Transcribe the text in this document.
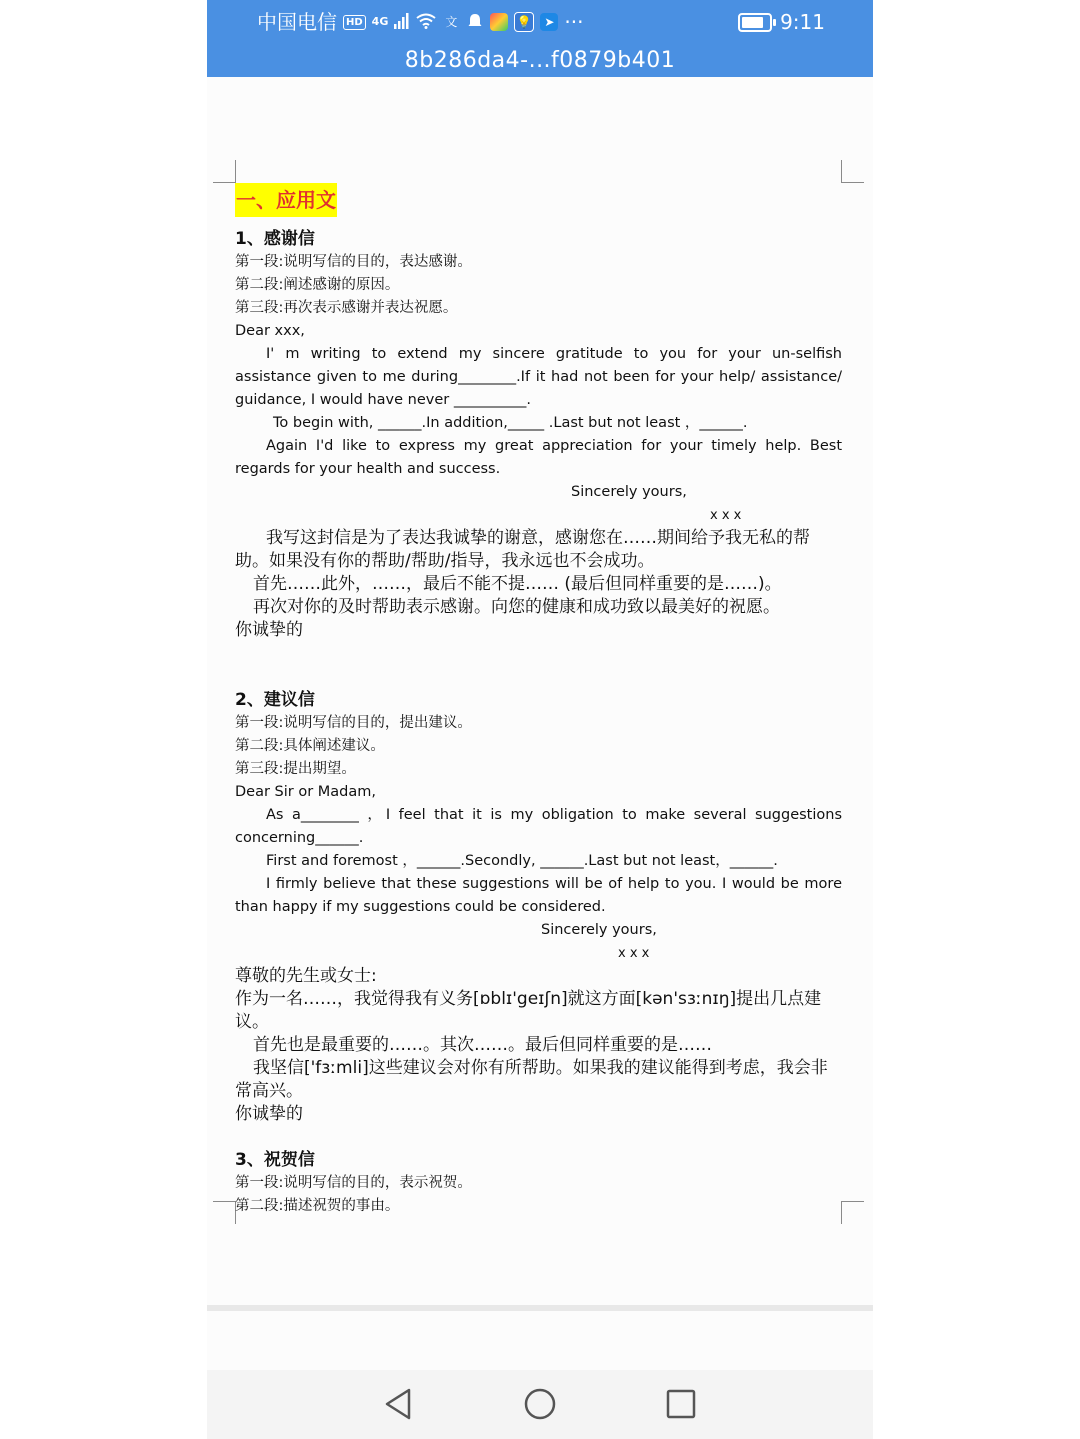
中国电信 HD 4G	文	💡	➤ ···	9:11
8b286da4-...f0879b401
一、应用文
1、感谢信
第一段:说明写信的目的，表达感谢。
第二段:阐述感谢的原因。
第三段:再次表示感谢并表达祝愿。
Dear xxx,
I' m writing to extend my sincere gratitude to you for your un-selfish assistance given to me during________.If it had not been for your help/ assistance/ guidance, I would have never __________.
To begin with, ______.In addition,_____ .Last but not least ，______.
Again I'd like to express my great appreciation for your timely help. Best regards for your health and success.
Sincerely yours,
x x x
我写这封信是为了表达我诚挚的谢意，感谢您在……期间给予我无私的帮助。如果没有你的帮助/帮助/指导，我永远也不会成功。
首先……此外，……，最后不能不提…… (最后但同样重要的是……)。
再次对你的及时帮助表示感谢。向您的健康和成功致以最美好的祝愿。
你诚挚的
2、建议信
第一段:说明写信的目的，提出建议。
第二段:具体阐述建议。
第三段:提出期望。
Dear Sir or Madam,
As a________ ，I feel that it is my obligation to make several suggestions concerning______.
First and foremost ，______.Secondly, ______.Last but not least，______.
I firmly believe that these suggestions will be of help to you. I would be more than happy if my suggestions could be considered.
Sincerely yours,
x x x
尊敬的先生或女士:
作为一名……，我觉得我有义务[ɒblɪ'geɪʃn]就这方面[kən'sɜːnɪŋ]提出几点建议。
首先也是最重要的……。其次……。最后但同样重要的是……
我坚信['fɜːmli]这些建议会对你有所帮助。如果我的建议能得到考虑，我会非常高兴。
你诚挚的
3、祝贺信
第一段:说明写信的目的，表示祝贺。
第二段:描述祝贺的事由。
